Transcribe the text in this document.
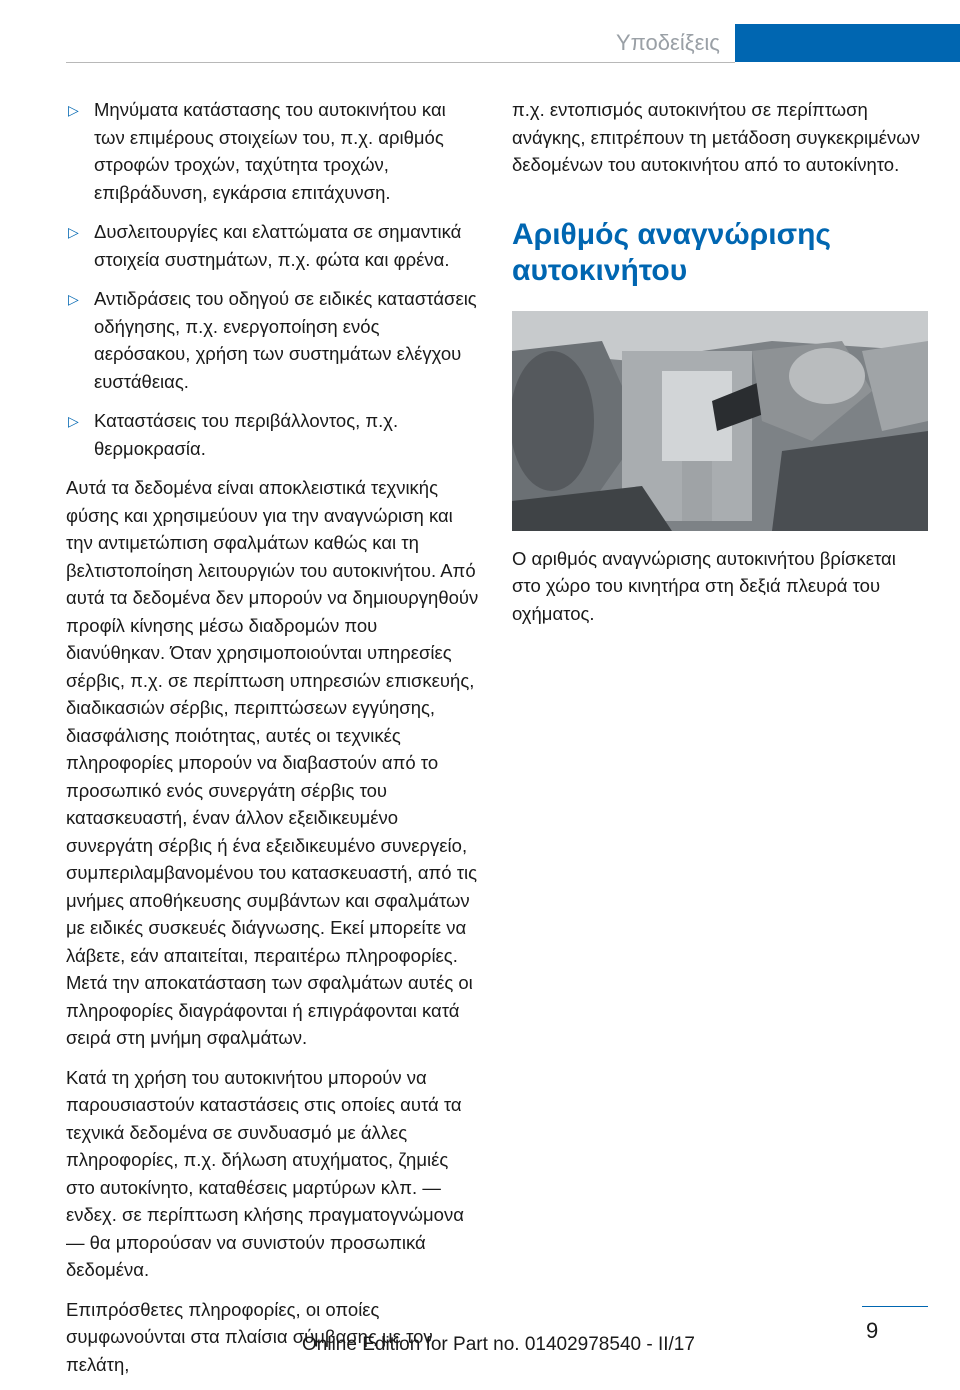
Υποδείξεις
▷ Μηνύματα κατάστασης του αυτοκινήτου και των επιμέρους στοιχείων του, π.χ. αριθμός στροφών τροχών, ταχύτητα τροχών, επιβράδυνση, εγκάρσια επιτάχυνση.
▷ Δυσλειτουργίες και ελαττώματα σε σημαντικά στοιχεία συστημάτων, π.χ. φώτα και φρένα.
▷ Αντιδράσεις του οδηγού σε ειδικές καταστάσεις οδήγησης, π.χ. ενεργοποίηση ενός αερόσακου, χρήση των συστημάτων ελέγχου ευστάθειας.
▷ Καταστάσεις του περιβάλλοντος, π.χ. θερμοκρασία.

Αυτά τα δεδομένα είναι αποκλειστικά τεχνικής φύσης και χρησιμεύουν για την αναγνώριση και την αντιμετώπιση σφαλμάτων καθώς και τη βελτιστοποίηση λειτουργιών του αυτοκινήτου. Από αυτά τα δεδομένα δεν μπορούν να δημιουργηθούν προφίλ κίνησης μέσω διαδρομών που διανύθηκαν. Όταν χρησιμοποιούνται υπηρεσίες σέρβις, π.χ. σε περίπτωση υπηρεσιών επισκευής, διαδικασιών σέρβις, περιπτώσεων εγγύησης, διασφάλισης ποιότητας, αυτές οι τεχνικές πληροφορίες μπορούν να διαβαστούν από το προσωπικό ενός συνεργάτη σέρβις του κατασκευαστή, έναν άλλον εξειδικευμένο συνεργάτη σέρβις ή ένα εξειδικευμένο συνεργείο, συμπεριλαμβανομένου του κατασκευαστή, από τις μνήμες αποθήκευσης συμβάντων και σφαλμάτων με ειδικές συσκευές διάγνωσης. Εκεί μπορείτε να λάβετε, εάν απαιτείται, περαιτέρω πληροφορίες. Μετά την αποκατάσταση των σφαλμάτων αυτές οι πληροφορίες διαγράφονται ή επιγράφονται κατά σειρά στη μνήμη σφαλμάτων.

Κατά τη χρήση του αυτοκινήτου μπορούν να παρουσιαστούν καταστάσεις στις οποίες αυτά τα τεχνικά δεδομένα σε συνδυασμό με άλλες πληροφορίες, π.χ. δήλωση ατυχήματος, ζημιές στο αυτοκίνητο, καταθέσεις μαρτύρων κλπ. — ενδεχ. σε περίπτωση κλήσης πραγματογνώμονα — θα μπορούσαν να συνιστούν προσωπικά δεδομένα.

Επιπρόσθετες πληροφορίες, οι οποίες συμφωνούνται στα πλαίσια σύμβασης με τον πελάτη,

π.χ. εντοπισμός αυτοκινήτου σε περίπτωση ανάγκης, επιτρέπουν τη μετάδοση συγκεκριμένων δεδομένων του αυτοκινήτου από το αυτοκίνητο.

Αριθμός αναγνώρισης αυτοκινήτου

Ο αριθμός αναγνώρισης αυτοκινήτου βρίσκεται στο χώρο του κινητήρα στη δεξιά πλευρά του οχήματος.

9
Online Edition for Part no. 01402978540 - II/17
